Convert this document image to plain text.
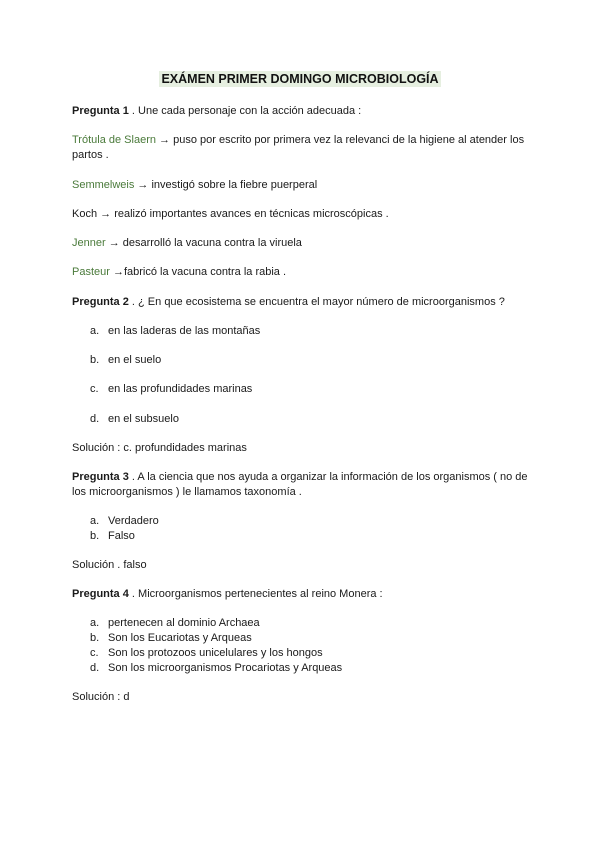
EXÁMEN PRIMER DOMINGO MICROBIOLOGÍA

Pregunta 1 . Une cada personaje con la acción adecuada :

Trótula de Slaern → puso por escrito por primera vez la relevanci de la higiene al atender los partos .

Semmelweis → investigó sobre la fiebre puerperal

Koch → realizó importantes avances en técnicas microscópicas .

Jenner → desarrolló la vacuna contra la viruela

Pasteur →fabricó la vacuna contra la rabia .

Pregunta 2 . ¿ En que ecosistema se encuentra el mayor número de microorganismos ?

a. en las laderas de las montañas
b. en el suelo
c. en las profundidades marinas
d. en el subsuelo

Solución : c. profundidades marinas

Pregunta 3 . A la ciencia que nos ayuda a organizar la información de los organismos ( no de los microorganismos ) le llamamos taxonomía .

a. Verdadero
b. Falso

Solución . falso

Pregunta 4 . Microorganismos pertenecientes al reino Monera :

a. pertenecen al dominio Archaea
b. Son los Eucariotas y Arqueas
c. Son los protozoos unicelulares y los hongos
d. Son los microorganismos Procariotas y Arqueas

Solución : d
